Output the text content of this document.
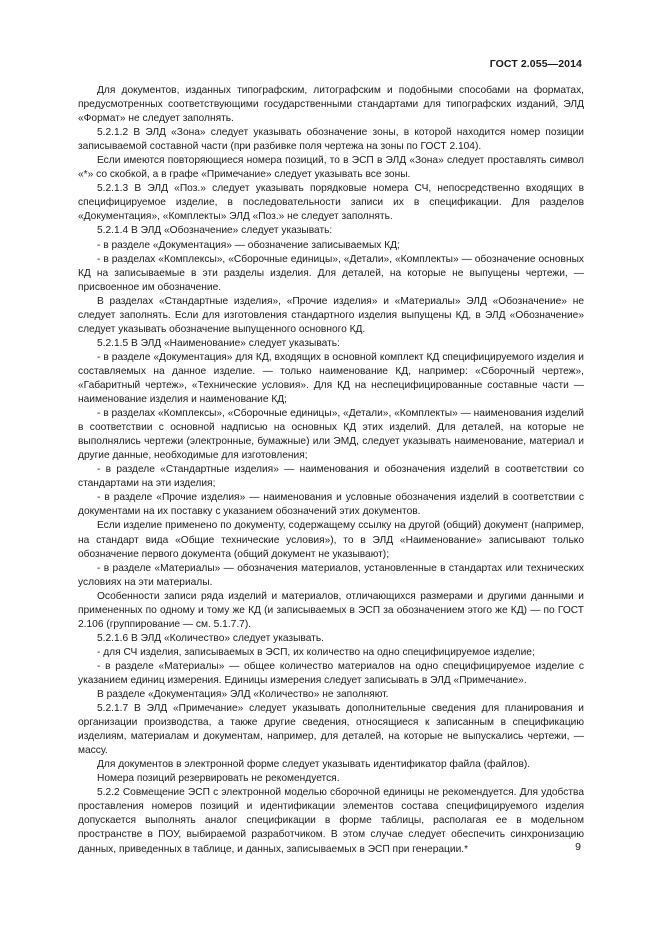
ГОСТ 2.055—2014

Для документов, изданных типографским, литографским и подобными способами на форматах, предусмотренных соответствующими государственными стандартами для типографских изданий, ЭЛД «Формат» не следует заполнять.

5.2.1.2 В ЭЛД «Зона» следует указывать обозначение зоны, в которой находится номер позиции записываемой составной части (при разбивке поля чертежа на зоны по ГОСТ 2.104).

Если имеются повторяющиеся номера позиций, то в ЭСП в ЭЛД «Зона» следует проставлять символ «*» со скобкой, а в графе «Примечание» следует указывать все зоны.

5.2.1.3 В ЭЛД «Поз.» следует указывать порядковые номера СЧ, непосредственно входящих в специфицируемое изделие, в последовательности записи их в спецификации. Для разделов «Документация», «Комплекты» ЭЛД «Поз.» не следует заполнять.

5.2.1.4 В ЭЛД «Обозначение» следует указывать:

- в разделе «Документация» — обозначение записываемых КД;

- в разделах «Комплексы», «Сборочные единицы», «Детали», «Комплекты» — обозначение основных КД на записываемые в эти разделы изделия. Для деталей, на которые не выпущены чертежи, — присвоенное им обозначение.

В разделах «Стандартные изделия», «Прочие изделия» и «Материалы» ЭЛД «Обозначение» не следует заполнять. Если для изготовления стандартного изделия выпущены КД, в ЭЛД «Обозначение» следует указывать обозначение выпущенного основного КД.

5.2.1.5 В ЭЛД «Наименование» следует указывать:

- в разделе «Документация» для КД, входящих в основной комплект КД специфицируемого изделия и составляемых на данное изделие. — только наименование КД, например: «Сборочный чертеж», «Габаритный чертеж», «Технические условия». Для КД на неспецифицированные составные части — наименование изделия и наименование КД;

- в разделах «Комплексы», «Сборочные единицы», «Детали», «Комплекты» — наименования изделий в соответствии с основной надписью на основных КД этих изделий. Для деталей, на которые не выполнялись чертежи (электронные, бумажные) или ЭМД, следует указывать наименование, материал и другие данные, необходимые для изготовления;

- в разделе «Стандартные изделия» — наименования и обозначения изделий в соответствии со стандартами на эти изделия;

- в разделе «Прочие изделия» — наименования и условные обозначения изделий в соответствии с документами на их поставку с указанием обозначений этих документов.

Если изделие применено по документу, содержащему ссылку на другой (общий) документ (например, на стандарт вида «Общие технические условия»), то в ЭЛД «Наименование» записывают только обозначение первого документа (общий документ не указывают);

- в разделе «Материалы» — обозначения материалов, установленные в стандартах или технических условиях на эти материалы.

Особенности записи ряда изделий и материалов, отличающихся размерами и другими данными и примененных по одному и тому же КД (и записываемых в ЭСП за обозначением этого же КД) — по ГОСТ 2.106 (группирование — см. 5.1.7.7).

5.2.1.6 В ЭЛД «Количество» следует указывать.

- для СЧ изделия, записываемых в ЭСП, их количество на одно специфицируемое изделие;

- в разделе «Материалы» — общее количество материалов на одно специфицируемое изделие с указанием единиц измерения. Единицы измерения следует записывать в ЭЛД «Примечание».

В разделе «Документация» ЭЛД «Количество» не заполняют.

5.2.1.7 В ЭЛД «Примечание» следует указывать дополнительные сведения для планирования и организации производства, а также другие сведения, относящиеся к записанным в спецификацию изделиям, материалам и документам, например, для деталей, на которые не выпускались чертежи, — массу.

Для документов в электронной форме следует указывать идентификатор файла (файлов).

Номера позиций резервировать не рекомендуется.

5.2.2 Совмещение ЭСП с электронной моделью сборочной единицы не рекомендуется. Для удобства проставления номеров позиций и идентификации элементов состава специфицируемого изделия допускается выполнять аналог спецификации в форме таблицы, располагая ее в модельном пространстве в ПОУ, выбираемой разработчиком. В этом случае следует обеспечить синхронизацию данных, приведенных в таблице, и данных, записываемых в ЭСП при генерации.*	9
